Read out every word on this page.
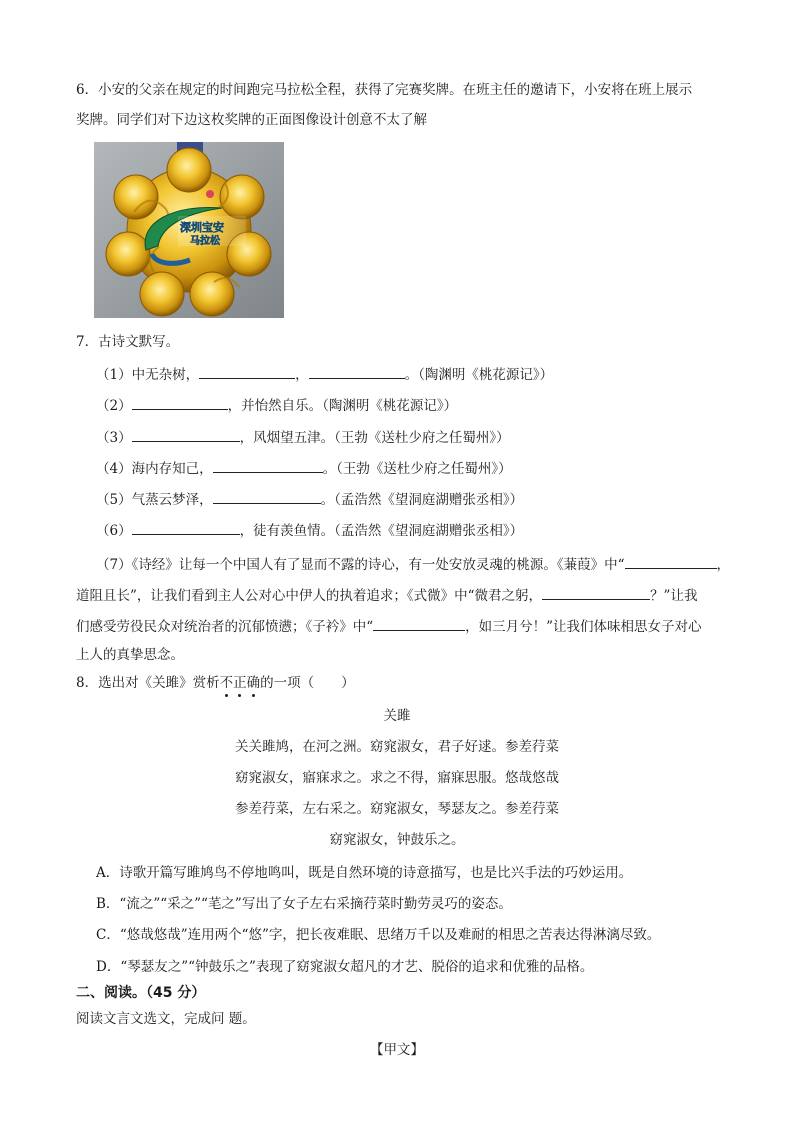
6．小安的父亲在规定的时间跑完马拉松全程，获得了完赛奖牌。在班主任的邀请下，小安将在班上展示
奖牌。同学们对下边这枚奖牌的正面图像设计创意不太了解
深圳宝安
马拉松
7．古诗文默写。
（1）中无杂树，	，	。（陶渊明《桃花源记》）
（2）	，并怡然自乐。（陶渊明《桃花源记》）
（3）	，风烟望五津。（王勃《送杜少府之任蜀州》）
（4）海内存知己，	。（王勃《送杜少府之任蜀州》）
（5）气蒸云梦泽，	。（孟浩然《望洞庭湖赠张丞相》）
（6）	，徒有羡鱼情。（孟浩然《望洞庭湖赠张丞相》）
（7）《诗经》让每一个中国人有了显而不露的诗心，有一处安放灵魂的桃源。《蒹葭》中“	，
道阻且长”，让我们看到主人公对心中伊人的执着追求；《式微》中“微君之躬，	？”让我
们感受劳役民众对统治者的沉郁愤懑；《子衿》中“	，如三月兮！”让我们体味相思女子对心
上人的真挚思念。
8．选出对《关雎》赏析不正确的一项（　　）
关雎
关关雎鸠，在河之洲。窈窕淑女，君子好逑。参差荇菜
窈窕淑女，寤寐求之。求之不得，寤寐思服。悠哉悠哉
参差荇菜，左右采之。窈窕淑女，琴瑟友之。参差荇菜
窈窕淑女，钟鼓乐之。
A．诗歌开篇写雎鸠鸟不停地鸣叫，既是自然环境的诗意描写，也是比兴手法的巧妙运用。
B．“流之”“采之”“芼之”写出了女子左右采摘荇菜时勤劳灵巧的姿态。
C．“悠哉悠哉”连用两个“悠”字，把长夜难眠、思绪万千以及难耐的相思之苦表达得淋漓尽致。
D．“琴瑟友之”“钟鼓乐之”表现了窈窕淑女超凡的才艺、脱俗的追求和优雅的品格。
二、阅读。（45 分）
阅读文言文选文，完成问 题。
【甲文】
